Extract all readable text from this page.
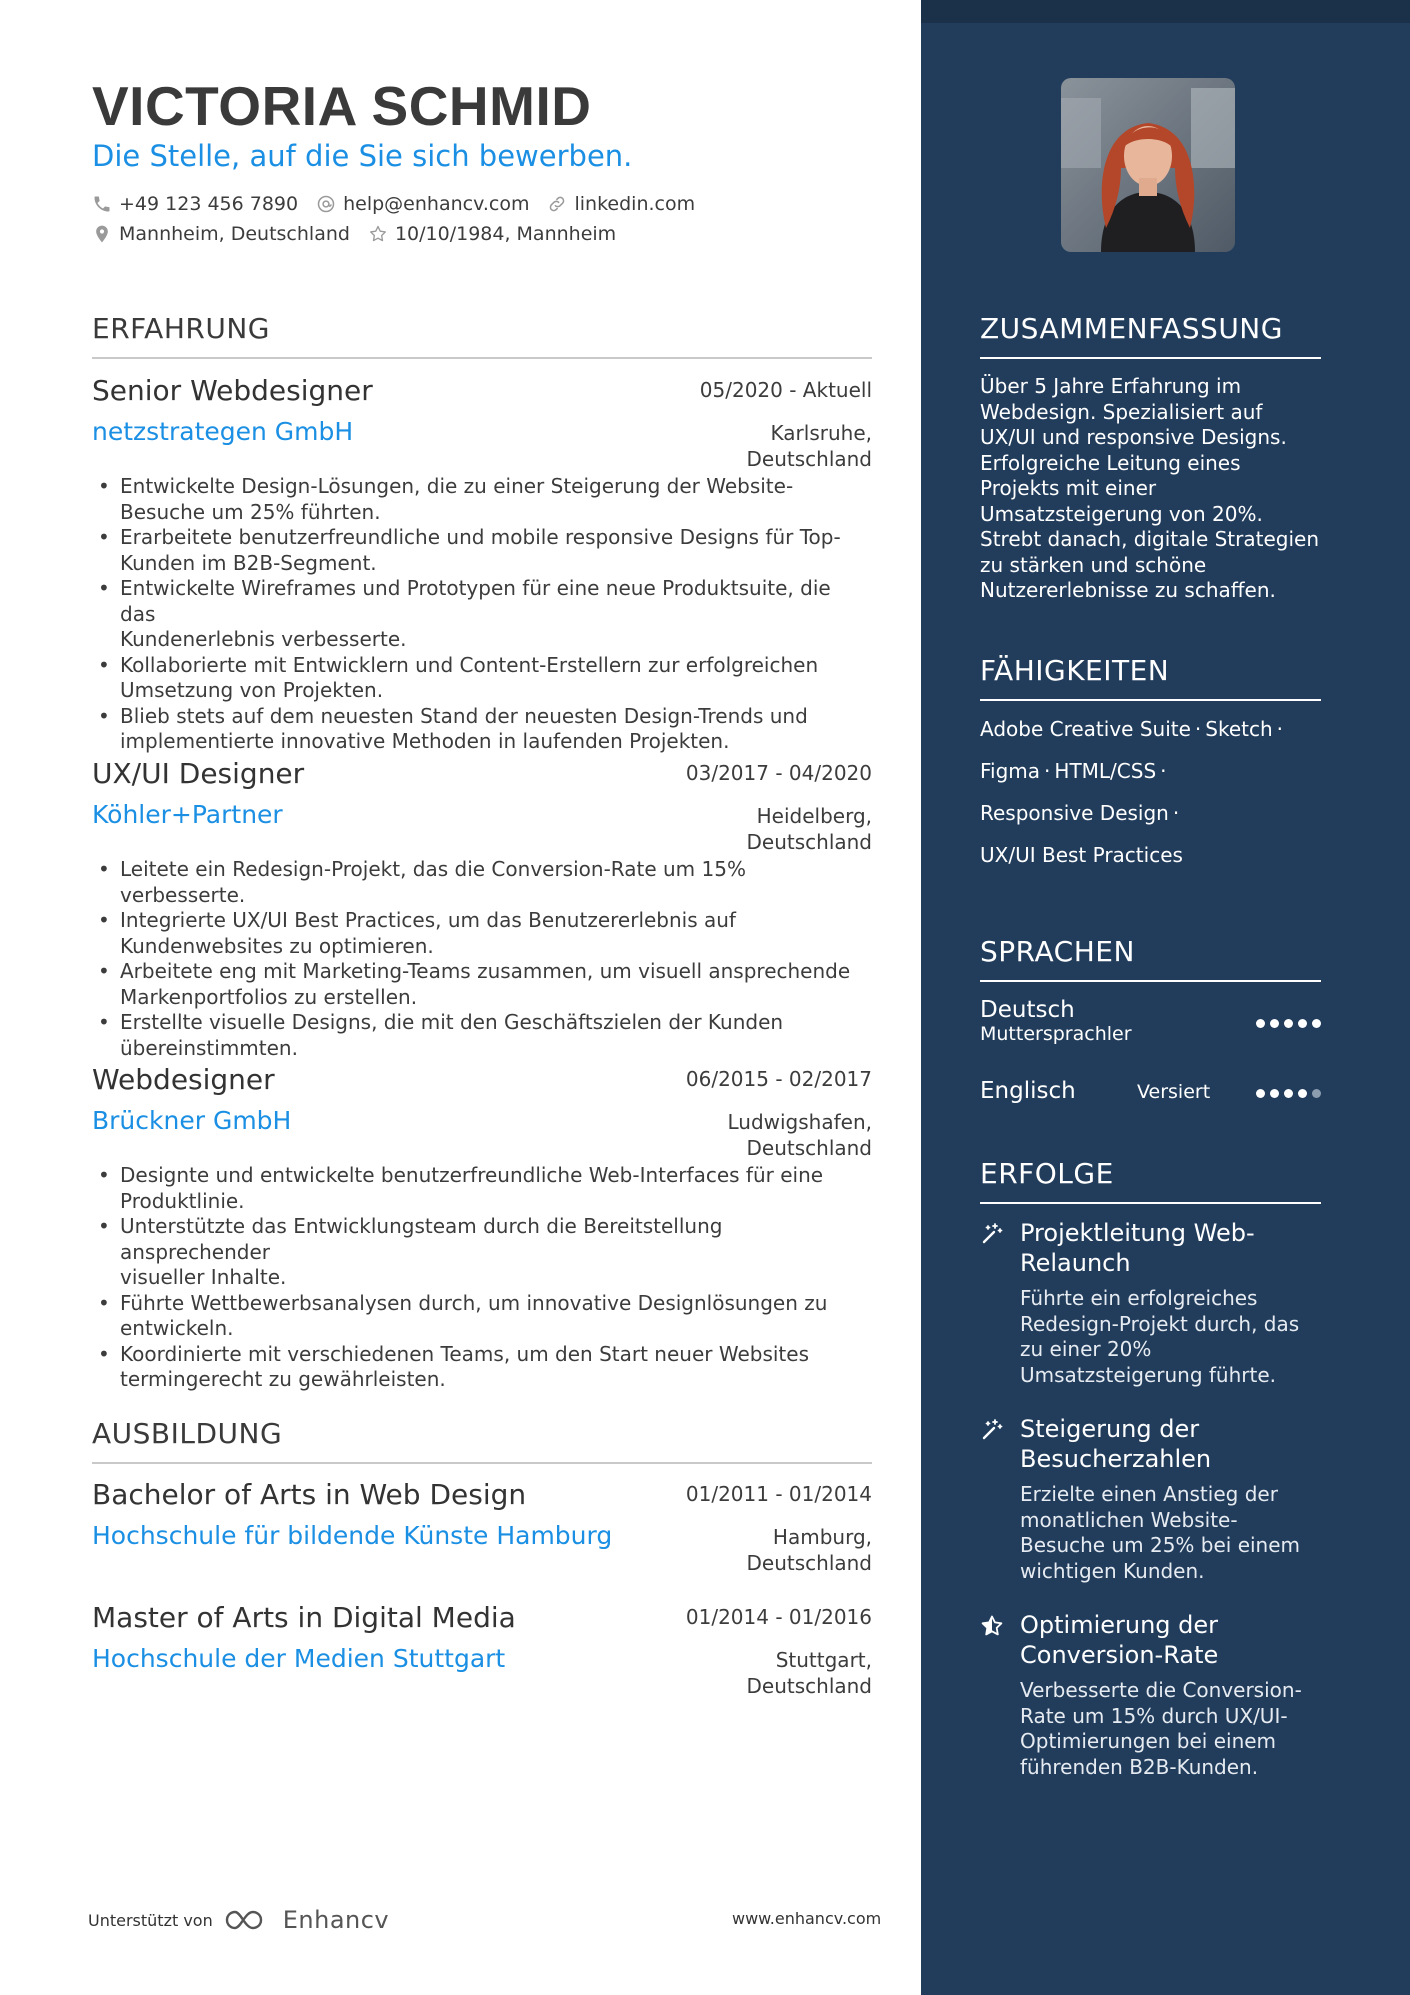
VICTORIA SCHMID
Die Stelle, auf die Sie sich bewerben.
+49 123 456 7890 help@enhancv.com linkedin.com
Mannheim, Deutschland 10/10/1984, Mannheim
ERFAHRUNG
Senior Webdesigner	05/2020 - Aktuell
netzstrategen GmbH	Karlsruhe,
Deutschland
• Entwickelte Design-Lösungen, die zu einer Steigerung der Website-
Besuche um 25% führten.
• Erarbeitete benutzerfreundliche und mobile responsive Designs für Top-
Kunden im B2B-Segment.
• Entwickelte Wireframes und Prototypen für eine neue Produktsuite, die das
Kundenerlebnis verbesserte.
• Kollaborierte mit Entwicklern und Content-Erstellern zur erfolgreichen
Umsetzung von Projekten.
• Blieb stets auf dem neuesten Stand der neuesten Design-Trends und
implementierte innovative Methoden in laufenden Projekten.
UX/UI Designer	03/2017 - 04/2020
Köhler+Partner	Heidelberg,
Deutschland
• Leitete ein Redesign-Projekt, das die Conversion-Rate um 15% verbesserte.
• Integrierte UX/UI Best Practices, um das Benutzererlebnis auf
Kundenwebsites zu optimieren.
• Arbeitete eng mit Marketing-Teams zusammen, um visuell ansprechende
Markenportfolios zu erstellen.
• Erstellte visuelle Designs, die mit den Geschäftszielen der Kunden
übereinstimmten.
Webdesigner	06/2015 - 02/2017
Brückner GmbH	Ludwigshafen,
Deutschland
• Designte und entwickelte benutzerfreundliche Web-Interfaces für eine
Produktlinie.
• Unterstützte das Entwicklungsteam durch die Bereitstellung ansprechender
visueller Inhalte.
• Führte Wettbewerbsanalysen durch, um innovative Designlösungen zu
entwickeln.
• Koordinierte mit verschiedenen Teams, um den Start neuer Websites
termingerecht zu gewährleisten.
AUSBILDUNG
Bachelor of Arts in Web Design	01/2011 - 01/2014
Hochschule für bildende Künste Hamburg	Hamburg,
Deutschland
Master of Arts in Digital Media	01/2014 - 01/2016
Hochschule der Medien Stuttgart	Stuttgart,
Deutschland
Unterstützt von	Enhancv	www.enhancv.com
ZUSAMMENFASSUNG
Über 5 Jahre Erfahrung im
Webdesign. Spezialisiert auf
UX/UI und responsive Designs.
Erfolgreiche Leitung eines
Projekts mit einer
Umsatzsteigerung von 20%.
Strebt danach, digitale Strategien
zu stärken und schöne
Nutzererlebnisse zu schaffen.
FÄHIGKEITEN
Adobe Creative Suite · Sketch ·
Figma · HTML/CSS ·
Responsive Design ·
UX/UI Best Practices
SPRACHEN
Deutsch
Muttersprachler
Englisch	Versiert
ERFOLGE
Projektleitung Web-
Relaunch
Führte ein erfolgreiches
Redesign-Projekt durch, das
zu einer 20%
Umsatzsteigerung führte.
Steigerung der
Besucherzahlen
Erzielte einen Anstieg der
monatlichen Website-
Besuche um 25% bei einem
wichtigen Kunden.
Optimierung der
Conversion-Rate
Verbesserte die Conversion-
Rate um 15% durch UX/UI-
Optimierungen bei einem
führenden B2B-Kunden.
